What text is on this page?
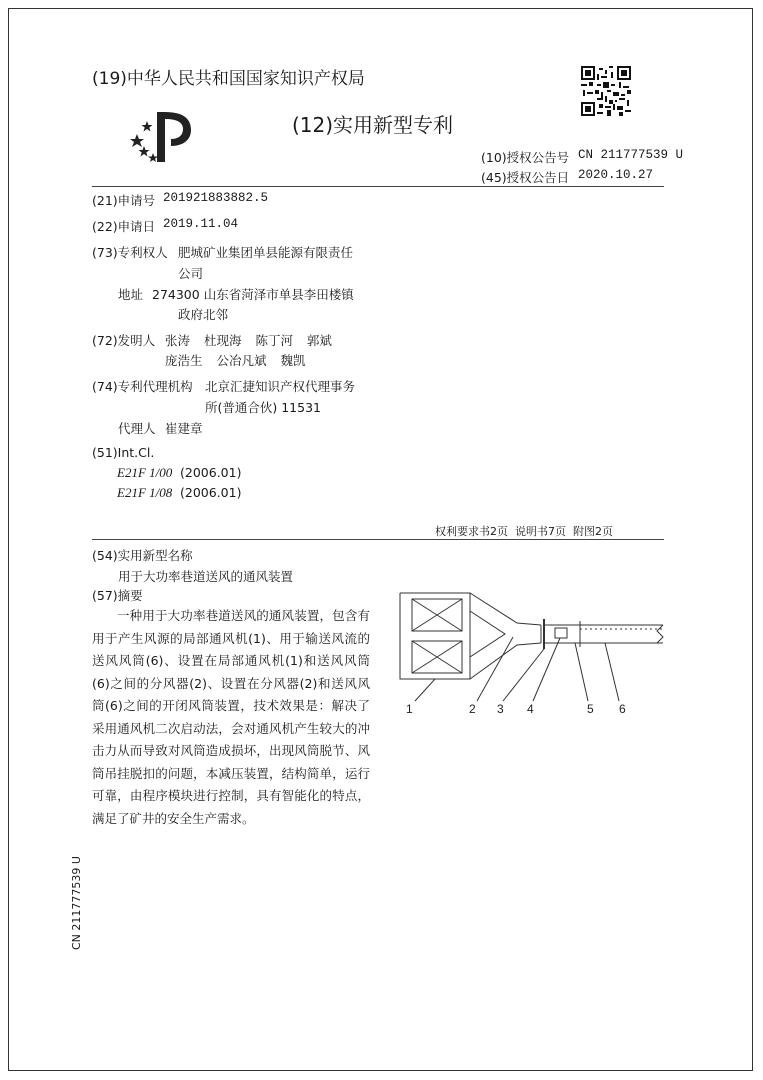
(19)中华人民共和国国家知识产权局
(12)实用新型专利
(10)授权公告号 CN 211777539 U
(45)授权公告日 2020.10.27
(21)申请号 201921883882.5
(22)申请日 2019.11.04
(73)专利权人 肥城矿业集团单县能源有限责任
公司
地址 274300 山东省菏泽市单县李田楼镇
政府北邻
(72)发明人 张涛 杜现海 陈丁河 郭斌
庞浩生 公冶凡斌 魏凯
(74)专利代理机构 北京汇捷知识产权代理事务
所(普通合伙) 11531
代理人 崔建章
(51)Int.Cl.
E21F 1/00 (2006.01)
E21F 1/08 (2006.01)
权利要求书2页  说明书7页  附图2页
(54)实用新型名称
用于大功率巷道送风的通风装置
(57)摘要
一种用于大功率巷道送风的通风装置，包含有用于产生风源的局部通风机(1)、用于输送风流的送风风筒(6)、设置在局部通风机(1)和送风风筒(6)之间的分风器(2)、设置在分风器(2)和送风风筒(6)之间的开闭风筒装置，技术效果是：解决了采用通风机二次启动法，会对通风机产生较大的冲击力从而导致对风筒造成损坏，出现风筒脱节、风筒吊挂脱扣的问题，本减压装置，结构简单，运行可靠，由程序模块进行控制，具有智能化的特点，满足了矿井的安全生产需求。
1	2 3 4	5 6
CN 211777539 U
